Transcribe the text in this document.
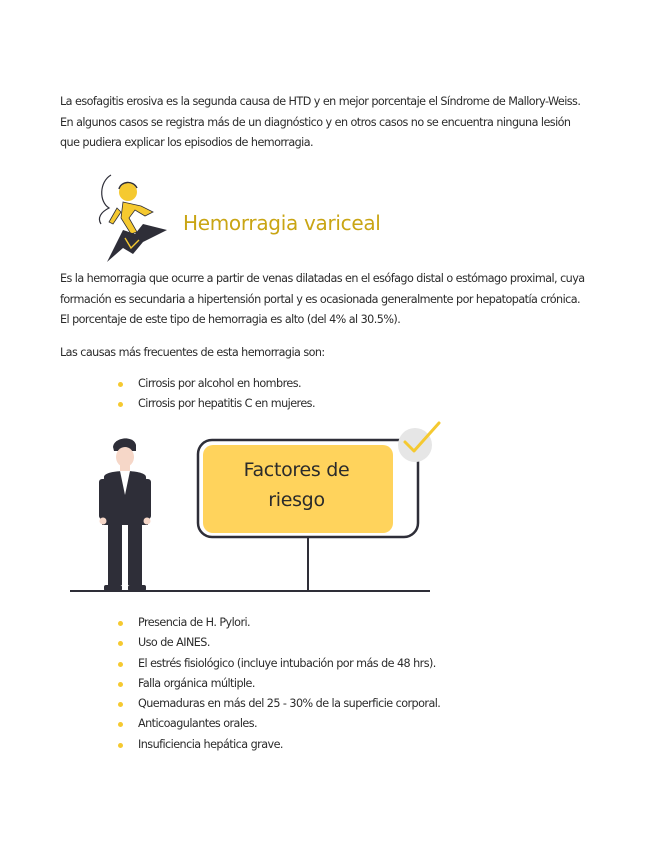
La esofagitis erosiva es la segunda causa de HTD y en mejor porcentaje el Síndrome de Mallory-Weiss.
En algunos casos se registra más de un diagnóstico y en otros casos no se encuentra ninguna lesión
que pudiera explicar los episodios de hemorragia.

Hemorragia variceal

Es la hemorragia que ocurre a partir de venas dilatadas en el esófago distal o estómago proximal, cuya
formación es secundaria a hipertensión portal y es ocasionada generalmente por hepatopatía crónica.
El porcentaje de este tipo de hemorragia es alto (del 4% al 30.5%).

Las causas más frecuentes de esta hemorragia son:

Cirrosis por alcohol en hombres.
Cirrosis por hepatitis C en mujeres.
Factores de
riesgo
Presencia de H. Pylori.
Uso de AINES.
El estrés fisiológico (incluye intubación por más de 48 hrs).
Falla orgánica múltiple.
Quemaduras en más del 25 - 30% de la superficie corporal.
Anticoagulantes orales.
Insuficiencia hepática grave.
